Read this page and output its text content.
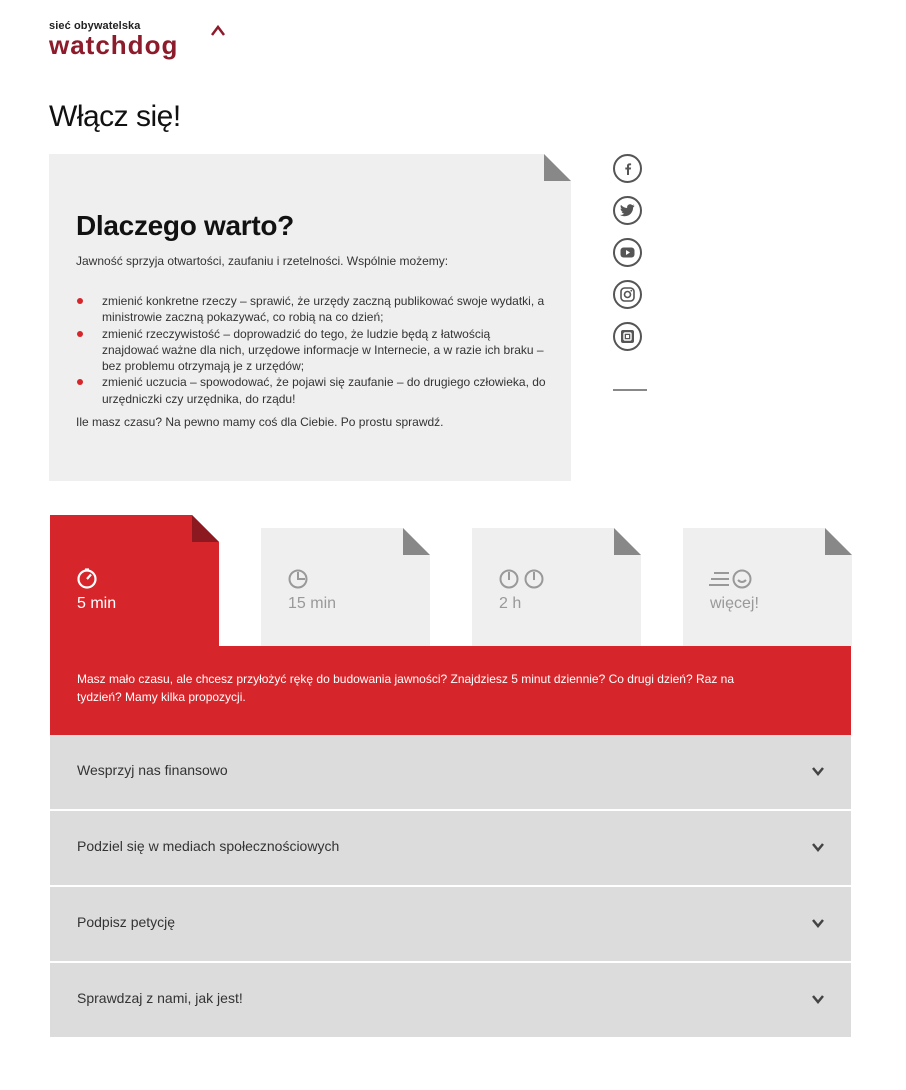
sieć obywatelska
watchdog
Włącz się!
Dlaczego warto?

Jawność sprzyja otwartości, zaufaniu i rzetelności. Wspólnie możemy:

zmienić konkretne rzeczy – sprawić, że urzędy zaczną publikować swoje wydatki, a ministrowie zaczną pokazywać, co robią na co dzień;
zmienić rzeczywistość – doprowadzić do tego, że ludzie będą z łatwością znajdować ważne dla nich, urzędowe informacje w Internecie, a w razie ich braku – bez problemu otrzymają je z urzędów;
zmienić uczucia – spowodować, że pojawi się zaufanie – do drugiego człowieka, do urzędniczki czy urzędnika, do rządu!

Ile masz czasu? Na pewno mamy coś dla Ciebie. Po prostu sprawdź.

5 min	15 min	2 h	więcej!

Masz mało czasu, ale chcesz przyłożyć rękę do budowania jawności? Znajdziesz 5 minut dziennie? Co drugi dzień? Raz na tydzień? Mamy kilka propozycji.

Wesprzyj nas finansowo
Podziel się w mediach społecznościowych
Podpisz petycję
Sprawdzaj z nami, jak jest!
